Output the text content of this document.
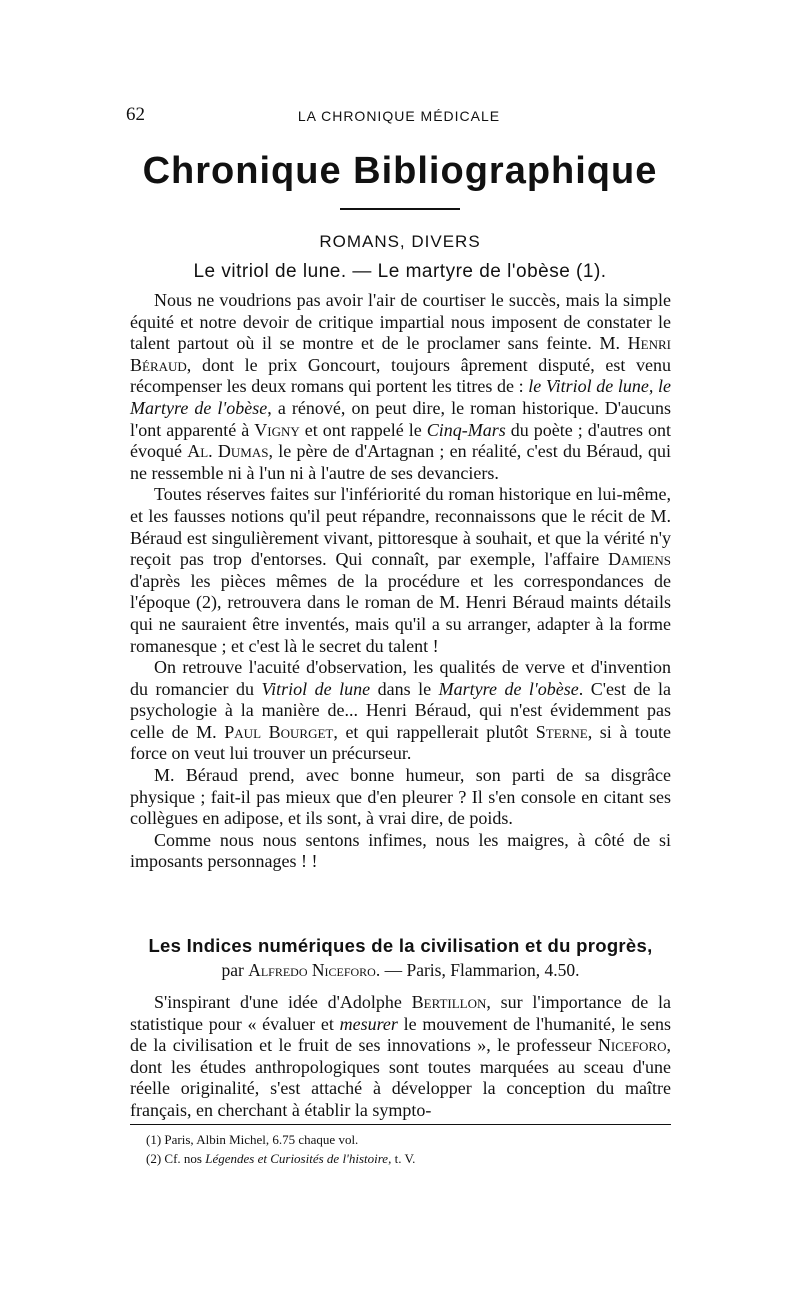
62	LA CHRONIQUE MÉDICALE
Chronique Bibliographique
ROMANS, DIVERS
Le vitriol de lune. — Le martyre de l'obèse (1).

Nous ne voudrions pas avoir l'air de courtiser le succès, mais la simple équité et notre devoir de critique impartial nous imposent de constater le talent partout où il se montre et de le proclamer sans feinte. M. Henri Béraud, dont le prix Goncourt, toujours âprement disputé, est venu récompenser les deux romans qui portent les titres de : le Vitriol de lune, le Martyre de l'obèse, a rénové, on peut dire, le roman historique. D'aucuns l'ont apparenté à Vigny et ont rappelé le Cinq-Mars du poète ; d'autres ont évoqué Al. Dumas, le père de d'Artagnan ; en réalité, c'est du Béraud, qui ne ressemble ni à l'un ni à l'autre de ses devanciers.

Toutes réserves faites sur l'infériorité du roman historique en lui-même, et les fausses notions qu'il peut répandre, reconnaissons que le récit de M. Béraud est singulièrement vivant, pittoresque à souhait, et que la vérité n'y reçoit pas trop d'entorses. Qui connaît, par exemple, l'affaire Damiens d'après les pièces mêmes de la procédure et les correspondances de l'époque (2), retrouvera dans le roman de M. Henri Béraud maints détails qui ne sauraient être inventés, mais qu'il a su arranger, adapter à la forme romanesque ; et c'est là le secret du talent !

On retrouve l'acuité d'observation, les qualités de verve et d'invention du romancier du Vitriol de lune dans le Martyre de l'obèse. C'est de la psychologie à la manière de... Henri Béraud, qui n'est évidemment pas celle de M. Paul Bourget, et qui rappellerait plutôt Sterne, si à toute force on veut lui trouver un précurseur.

M. Béraud prend, avec bonne humeur, son parti de sa disgrâce physique ; fait-il pas mieux que d'en pleurer ? Il s'en console en citant ses collègues en adipose, et ils sont, à vrai dire, de poids.

Comme nous nous sentons infimes, nous les maigres, à côté de si imposants personnages ! !

Les Indices numériques de la civilisation et du progrès,
par Alfredo Niceforo. — Paris, Flammarion, 4.50.

S'inspirant d'une idée d'Adolphe Bertillon, sur l'importance de la statistique pour « évaluer et mesurer le mouvement de l'humanité, le sens de la civilisation et le fruit de ses innovations », le professeur Niceforo, dont les études anthropologiques sont toutes marquées au sceau d'une réelle originalité, s'est attaché à développer la conception du maître français, en cherchant à établir la sympto-

(1) Paris, Albin Michel, 6.75 chaque vol.
(2) Cf. nos Légendes et Curiosités de l'histoire, t. V.
